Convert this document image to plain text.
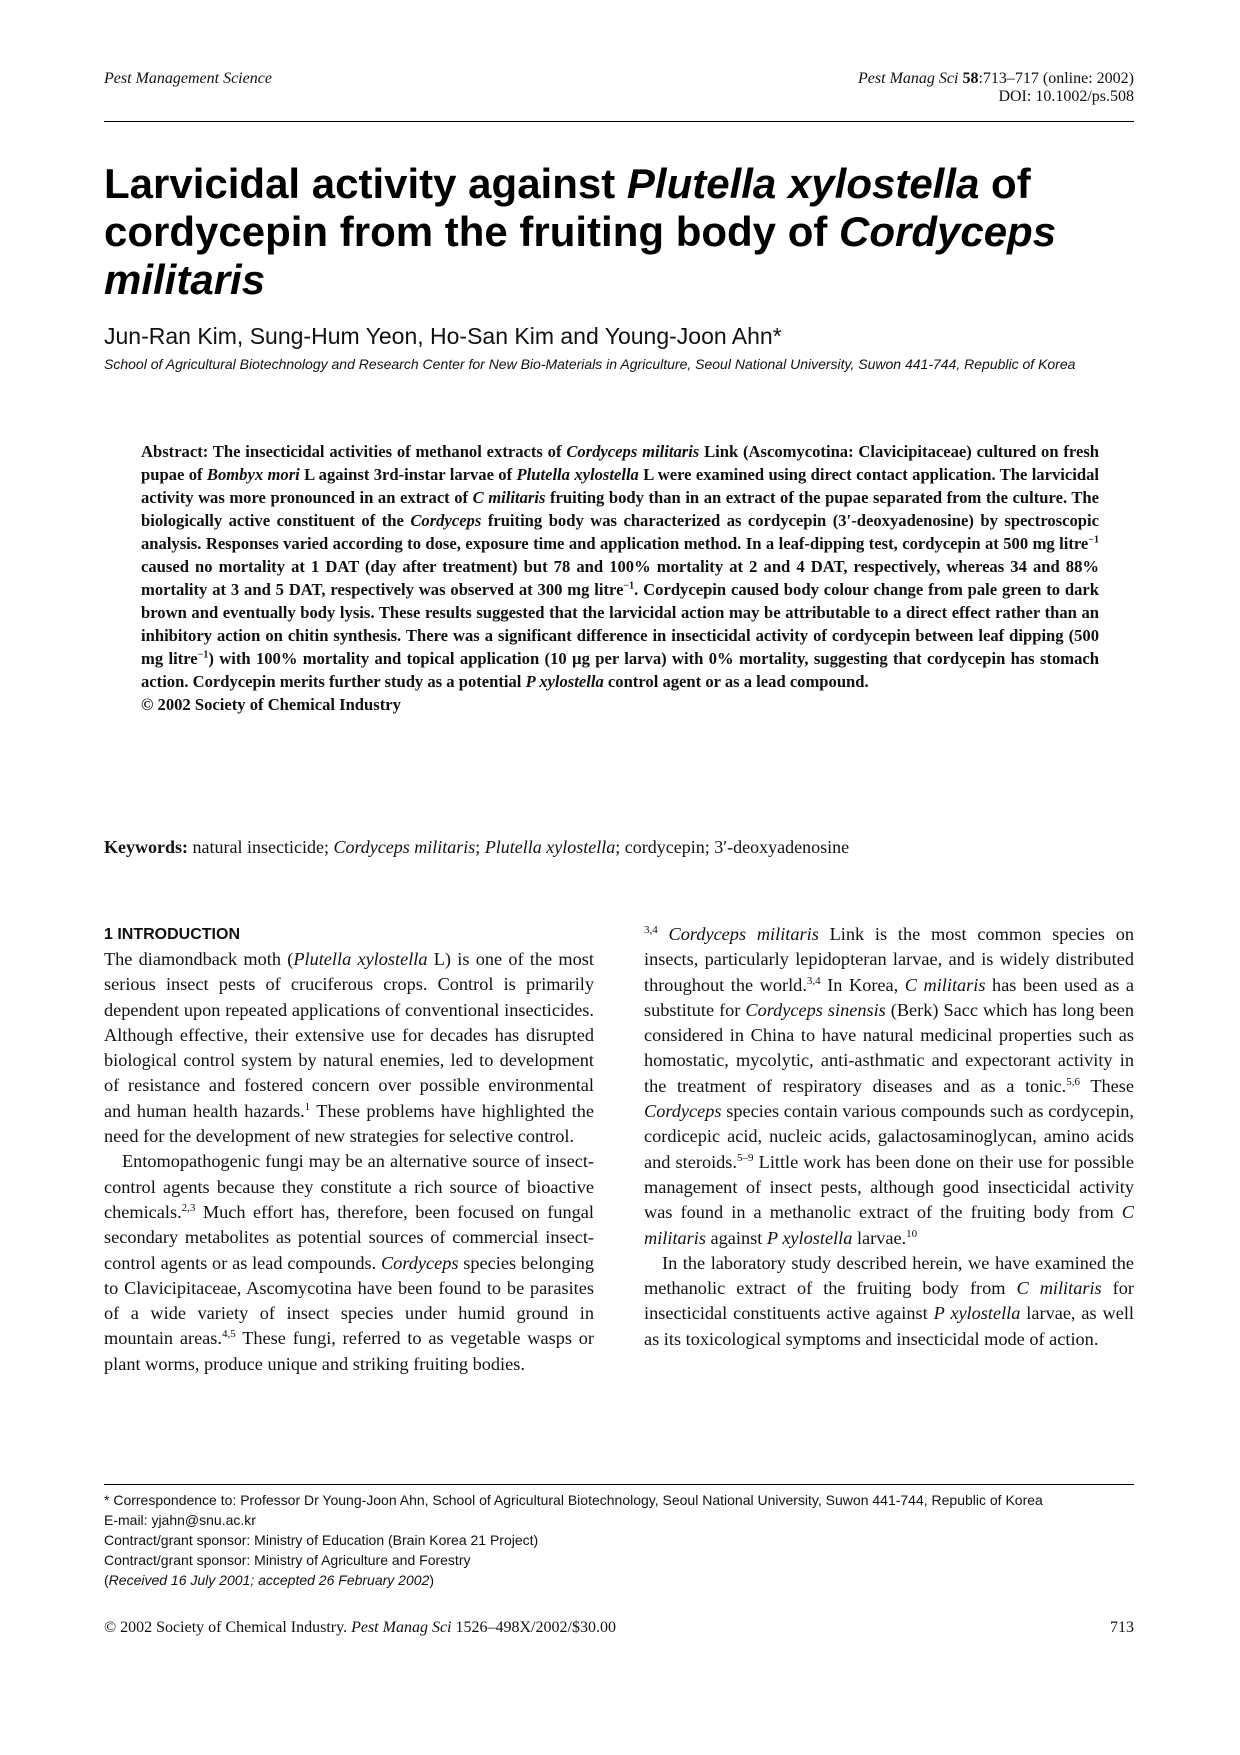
Pest Management Science	Pest Manag Sci 58:713–717 (online: 2002)
DOI: 10.1002/ps.508
Larvicidal activity against Plutella xylostella of cordycepin from the fruiting body of Cordyceps militaris
Jun-Ran Kim, Sung-Hum Yeon, Ho-San Kim and Young-Joon Ahn*
School of Agricultural Biotechnology and Research Center for New Bio-Materials in Agriculture, Seoul National University, Suwon 441-744, Republic of Korea
Abstract: The insecticidal activities of methanol extracts of Cordyceps militaris Link (Ascomycotina: Clavicipitaceae) cultured on fresh pupae of Bombyx mori L against 3rd-instar larvae of Plutella xylostella L were examined using direct contact application. The larvicidal activity was more pronounced in an extract of C militaris fruiting body than in an extract of the pupae separated from the culture. The biologically active constituent of the Cordyceps fruiting body was characterized as cordycepin (3′-deoxyadenosine) by spectroscopic analysis. Responses varied according to dose, exposure time and application method. In a leaf-dipping test, cordycepin at 500 mg litre$^{-1}$ caused no mortality at 1 DAT (day after treatment) but 78 and 100% mortality at 2 and 4 DAT, respectively, whereas 34 and 88% mortality at 3 and 5 DAT, respectively was observed at 300 mg litre$^{-1}$. Cordycepin caused body colour change from pale green to dark brown and eventually body lysis. These results suggested that the larvicidal action may be attributable to a direct effect rather than an inhibitory action on chitin synthesis. There was a significant difference in insecticidal activity of cordycepin between leaf dipping (500 mg litre$^{-1}$) with 100% mortality and topical application (10 µg per larva) with 0% mortality, suggesting that cordycepin has stomach action. Cordycepin merits further study as a potential P xylostella control agent or as a lead compound.
© 2002 Society of Chemical Industry
Keywords: natural insecticide; Cordyceps militaris; Plutella xylostella; cordycepin; 3′-deoxyadenosine

1 INTRODUCTION

The diamondback moth (Plutella xylostella L) is one of the most serious insect pests of cruciferous crops. Control is primarily dependent upon repeated applications of conventional insecticides. Although effective, their extensive use for decades has disrupted biological control system by natural enemies, led to development of resistance and fostered concern over possible environmental and human health hazards.$^1$ These problems have highlighted the need for the development of new strategies for selective control.

Entomopathogenic fungi may be an alternative source of insect-control agents because they constitute a rich source of bioactive chemicals.$^{2,3}$ Much effort has, therefore, been focused on fungal secondary metabolites as potential sources of commercial insect-control agents or as lead compounds. Cordyceps species belonging to Clavicipitaceae, Ascomycotina have been found to be parasites of a wide variety of insect species under humid ground in mountain areas.$^{4,5}$ These fungi, referred to as vegetable wasps or plant worms, produce unique and striking fruiting bodies.

$^{3,4}$ Cordyceps militaris Link is the most common species on insects, particularly lepidopteran larvae, and is widely distributed throughout the world.$^{3,4}$ In Korea, C militaris has been used as a substitute for Cordyceps sinensis (Berk) Sacc which has long been considered in China to have natural medicinal properties such as homostatic, mycolytic, anti-asthmatic and expectorant activity in the treatment of respiratory diseases and as a tonic.$^{5,6}$ These Cordyceps species contain various compounds such as cordycepin, cordicepic acid, nucleic acids, galactosaminoglycan, amino acids and steroids.$^{5-9}$ Little work has been done on their use for possible management of insect pests, although good insecticidal activity was found in a methanolic extract of the fruiting body from C militaris against P xylostella larvae.$^{10}$

In the laboratory study described herein, we have examined the methanolic extract of the fruiting body from C militaris for insecticidal constituents active against P xylostella larvae, as well as its toxicological symptoms and insecticidal mode of action.

* Correspondence to: Professor Dr Young-Joon Ahn, School of Agricultural Biotechnology, Seoul National University, Suwon 441-744, Republic of Korea
E-mail: yjahn@snu.ac.kr
Contract/grant sponsor: Ministry of Education (Brain Korea 21 Project)
Contract/grant sponsor: Ministry of Agriculture and Forestry
(Received 16 July 2001; accepted 26 February 2002)
© 2002 Society of Chemical Industry. Pest Manag Sci 1526–498X/2002/$30.00	713
